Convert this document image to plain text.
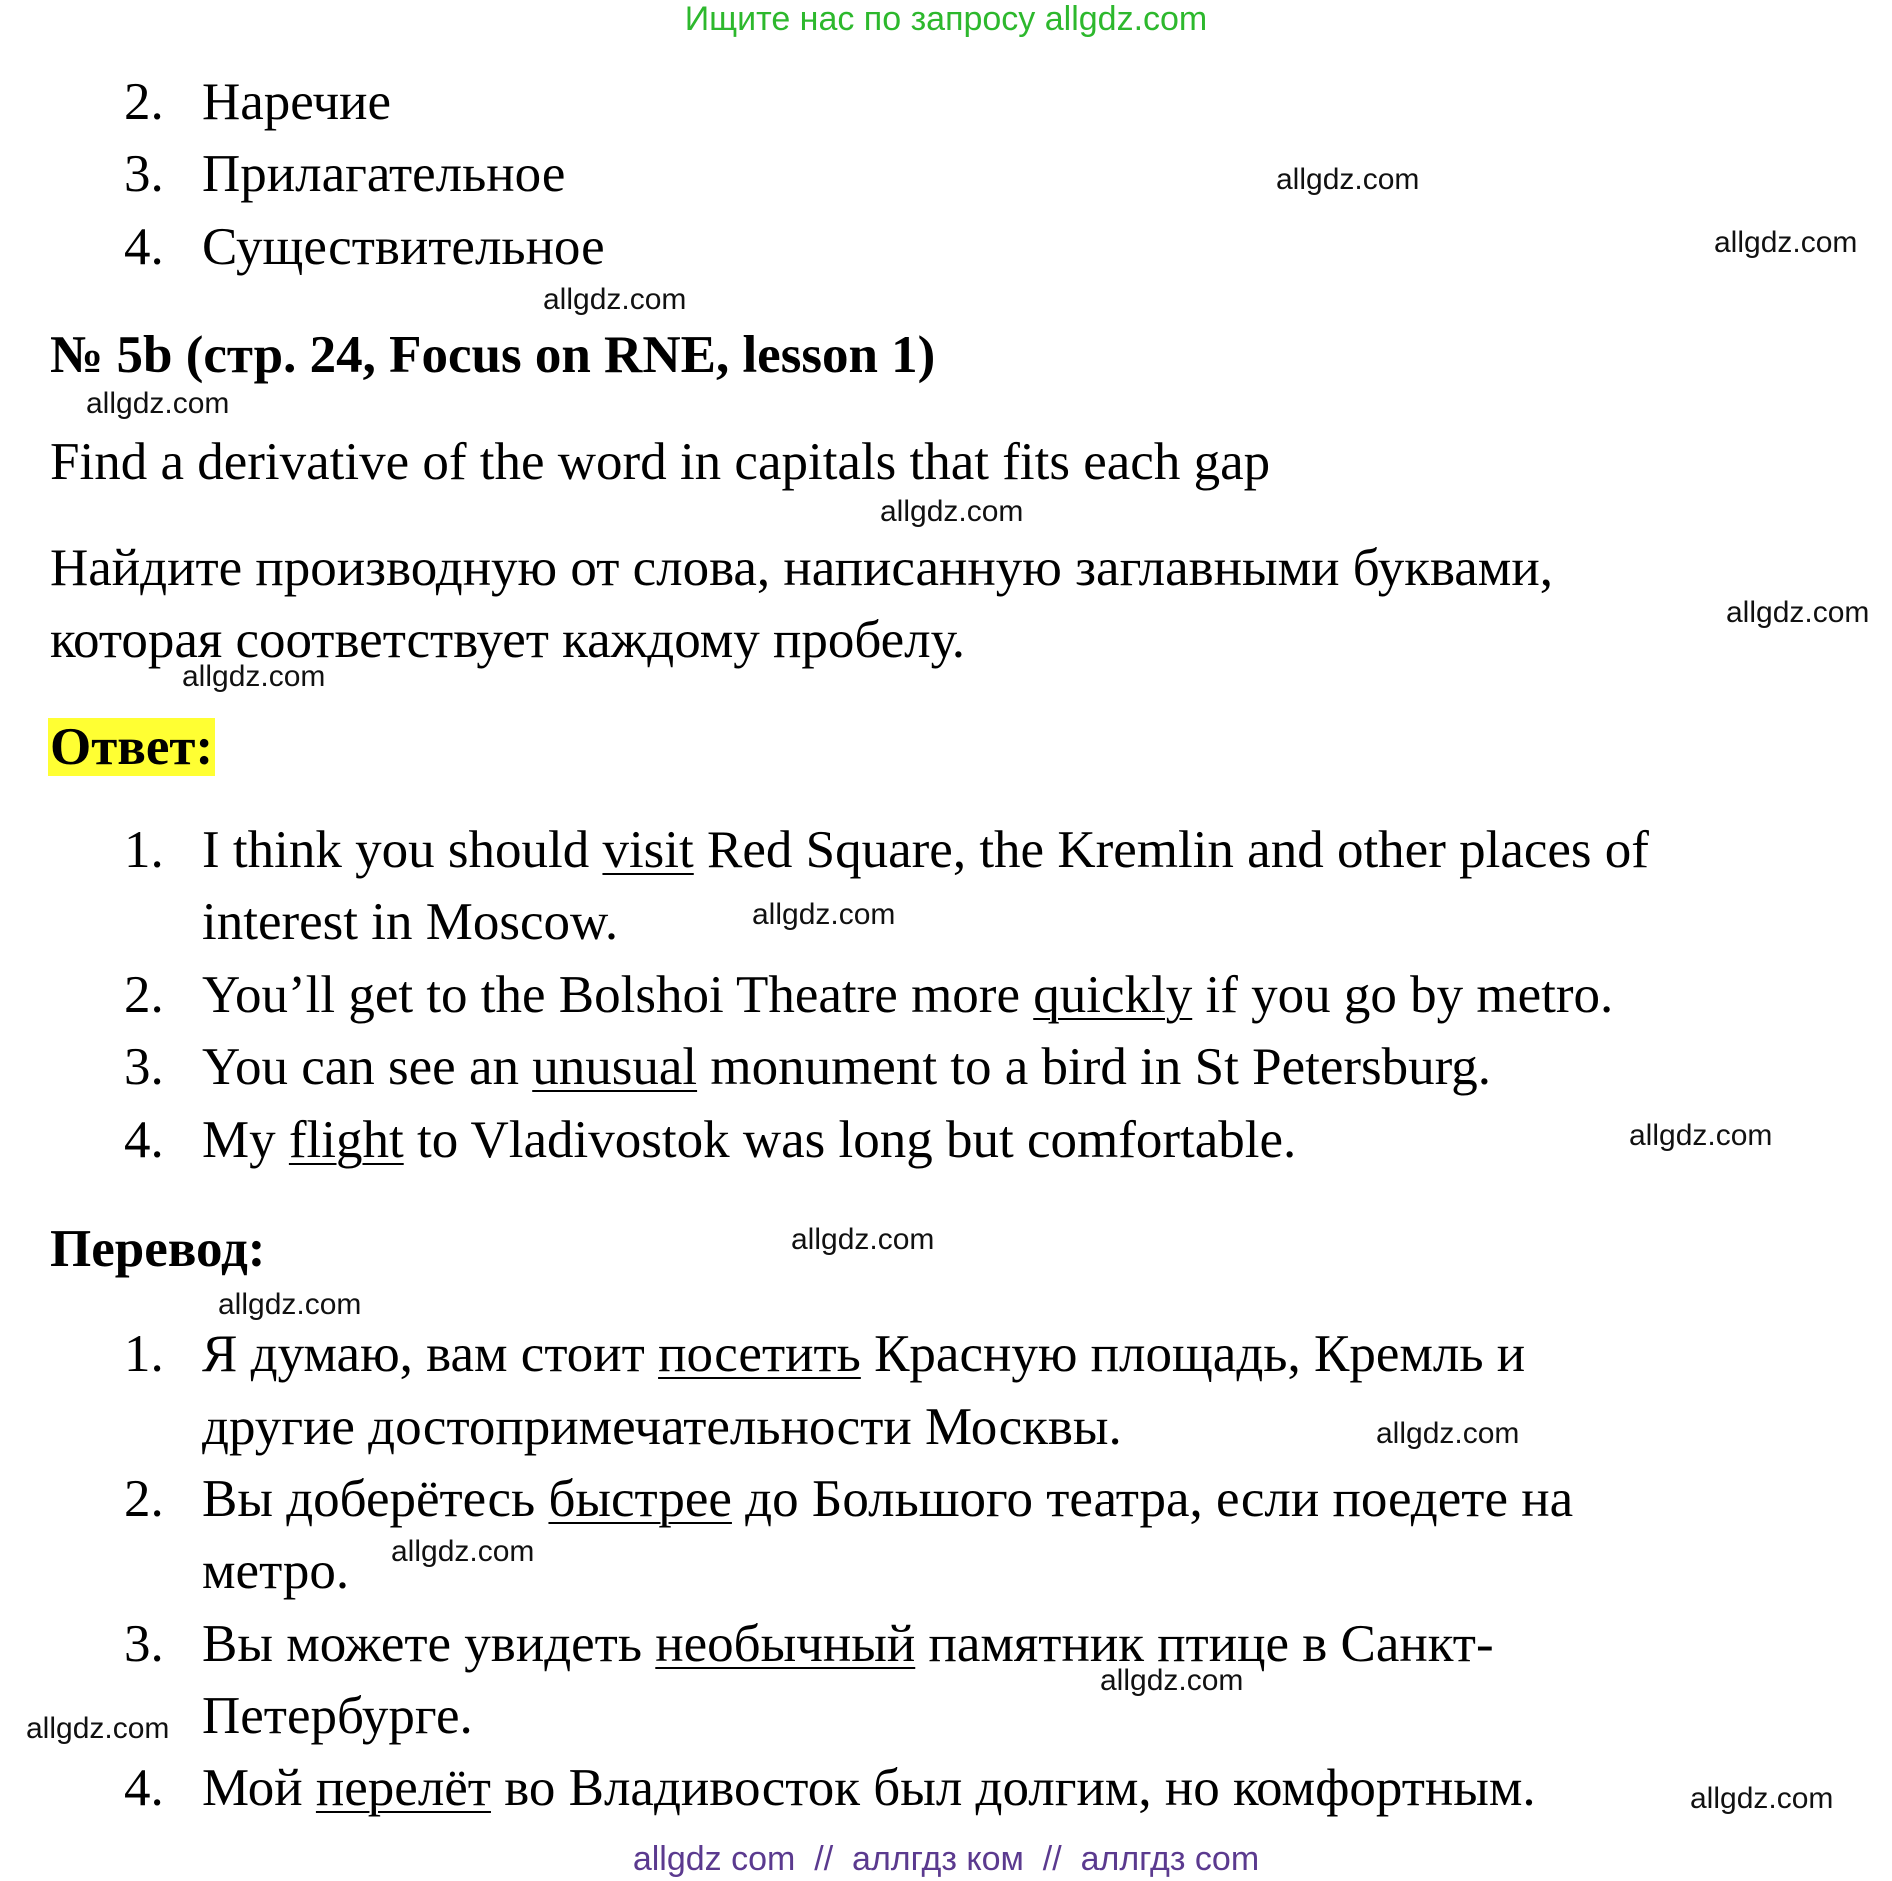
Ищите нас по запросу allgdz.com
2. Наречие
3. Прилагательное
4. Существительное
№ 5b (стр. 24, Focus on RNE, lesson 1)
Find a derivative of the word in capitals that fits each gap
Найдите производную от слова, написанную заглавными буквами,
которая соответствует каждому пробелу.
Ответ:
1. I think you should visit Red Square, the Kremlin and other places of
interest in Moscow.
2. You’ll get to the Bolshoi Theatre more quickly if you go by metro.
3. You can see an unusual monument to a bird in St Petersburg.
4. My flight to Vladivostok was long but comfortable.
Перевод:
1. Я думаю, вам стоит посетить Красную площадь, Кремль и
другие достопримечательности Москвы.
2. Вы доберётесь быстрее до Большого театра, если поедете на
метро.
3. Вы можете увидеть необычный памятник птице в Санкт-
Петербурге.
4. Мой перелёт во Владивосток был долгим, но комфортным.
allgdz.com
allgdz.com
allgdz.com
allgdz.com
allgdz.com
allgdz.com
allgdz.com
allgdz.com
allgdz.com
allgdz.com
allgdz.com
allgdz.com
allgdz.com
allgdz.com
allgdz.com
allgdz.com
allgdz com  //  аллгдз ком  //  аллгдз com
